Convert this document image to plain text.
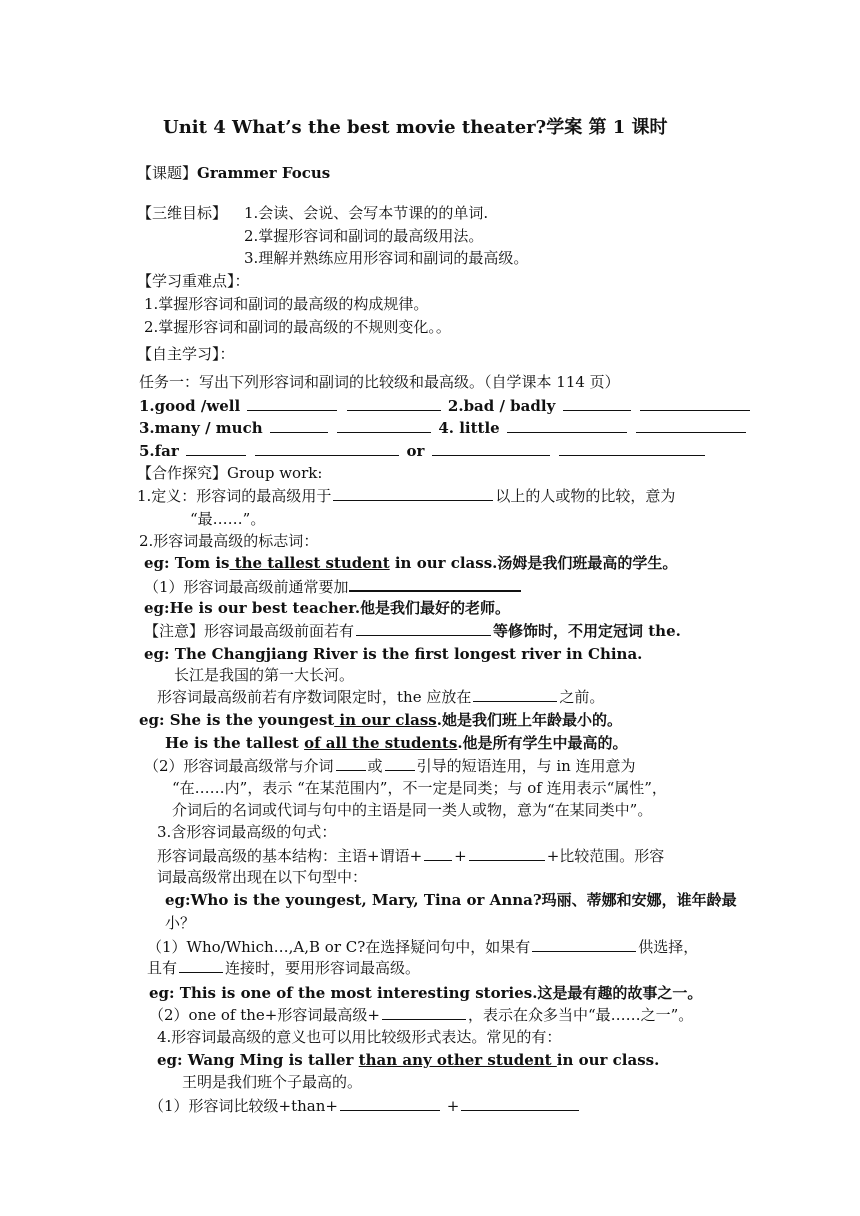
Unit 4 What’s the best movie theater?学案 第 1 课时
【课题】Grammer Focus
【三维目标】 1.会读、会说、会写本节课的的单词.
2.掌握形容词和副词的最高级用法。
3.理解并熟练应用形容词和副词的最高级。
【学习重难点】：
1.掌握形容词和副词的最高级的构成规律。
2.掌握形容词和副词的最高级的不规则变化。。
【自主学习】：
任务一：写出下列形容词和副词的比较级和最高级。（自学课本 114 页）
1.good /well	2.bad / badly
3.many / much	4. little
5.far	or
【合作探究】Group work:
1.定义：形容词的最高级用于	以上的人或物的比较，意为
“最……”。
2.形容词最高级的标志词：
eg: Tom is the tallest student in our class.汤姆是我们班最高的学生。
（1）形容词最高级前通常要加
eg:He is our best teacher.他是我们最好的老师。
【注意】形容词最高级前面若有	等修饰时，不用定冠词 the.
eg: The Changjiang River is the first longest river in China.
长江是我国的第一大长河。
形容词最高级前若有序数词限定时，the 应放在	之前。
eg: She is the youngest in our class.她是我们班上年龄最小的。
He is the tallest of all the students.他是所有学生中最高的。
（2）形容词最高级常与介词 或 引导的短语连用，与 in 连用意为
“在……内”，表示 “在某范围内”，不一定是同类；与 of 连用表示“属性”，
介词后的名词或代词与句中的主语是同一类人或物，意为“在某同类中”。
3.含形容词最高级的句式：
形容词最高级的基本结构：主语+谓语+ +	+比较范围。形容
词最高级常出现在以下句型中：
eg:Who is the youngest, Mary, Tina or Anna?玛丽、蒂娜和安娜，谁年龄最
小？
（1）Who/Which…,A,B or C?在选择疑问句中，如果有	供选择，
且有	连接时，要用形容词最高级。
eg: This is one of the most interesting stories.这是最有趣的故事之一。
（2）one of the+形容词最高级+	，表示在众多当中“最……之一”。
4.形容词最高级的意义也可以用比较级形式表达。常见的有：
eg: Wang Ming is taller than any other student in our class.
王明是我们班个子最高的。
（1）形容词比较级+than+	+
